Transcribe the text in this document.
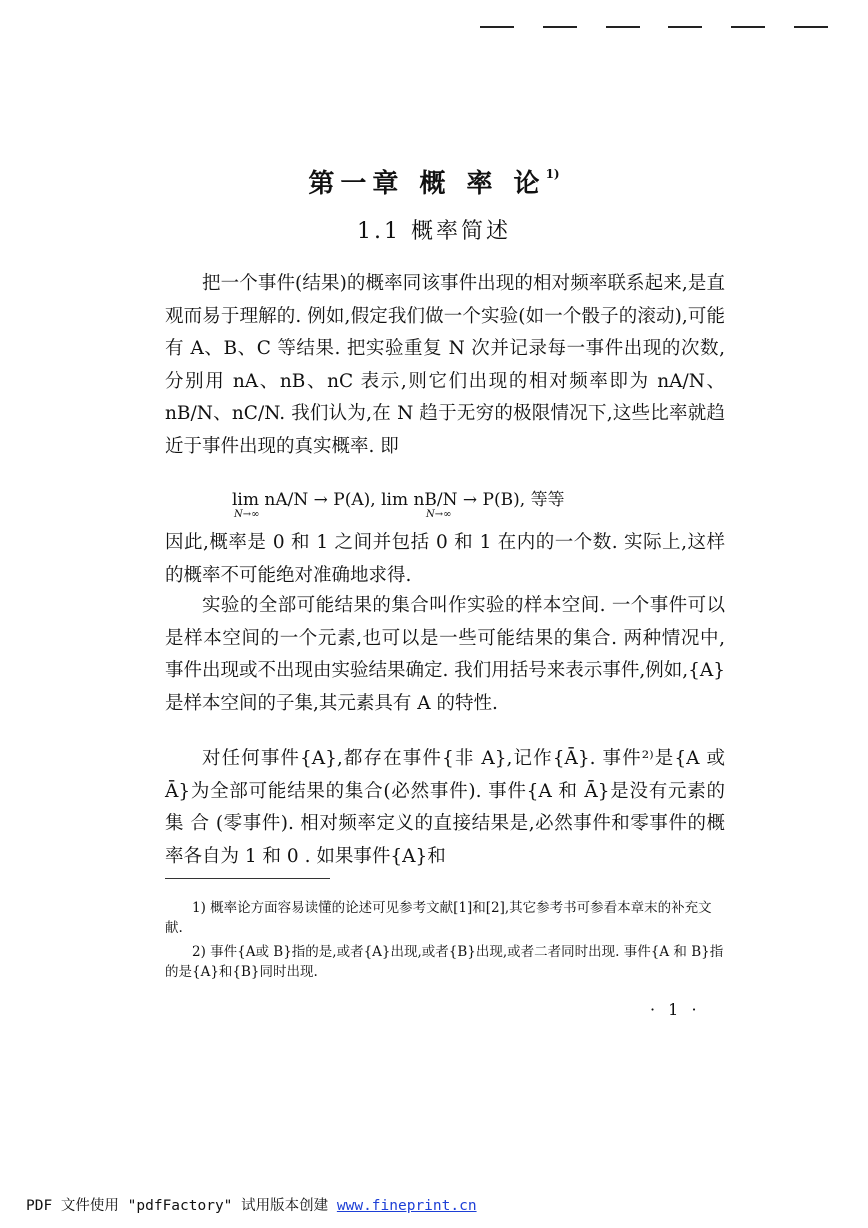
第一章 概 率 论$^{1)}$
1.1 概率简述

把一个事件(结果)的概率同该事件出现的相对频率联系起来,是直观而易于理解的. 例如,假定我们做一个实验(如一个骰子的滚动),可能有 A、B、C 等结果. 把实验重复 N 次并记录每一事件出现的次数,分别用 nA、nB、nC 表示,则它们出现的相对频率即为 nA/N、nB/N、nC/N. 我们认为,在 N 趋于无穷的极限情况下,这些比率就趋近于事件出现的真实概率. 即

lim nA/N → P(A), lim nB/N → P(B), 等等
N→∞	N→∞

因此,概率是 0 和 1 之间并包括 0 和 1 在内的一个数. 实际上,这样的概率不可能绝对准确地求得.

实验的全部可能结果的集合叫作实验的样本空间. 一个事件可以是样本空间的一个元素,也可以是一些可能结果的集合. 两种情况中,事件出现或不出现由实验结果确定. 我们用括号来表示事件,例如,{A}是样本空间的子集,其元素具有 A 的特性.

对任何事件{A},都存在事件{非 A},记作{Ā}. 事件²⁾是{A 或 Ā}为全部可能结果的集合(必然事件). 事件{A 和 Ā}是没有元素的 集 合 (零事件). 相对频率定义的直接结果是,必然事件和零事件的概率各自为 1 和 0 . 如果事件{A}和

1) 概率论方面容易读懂的论述可见参考文献[1]和[2],其它参考书可参看本章末的补充文献.

2) 事件{A或 B}指的是,或者{A}出现,或者{B}出现,或者二者同时出现. 事件{A 和 B}指的是{A}和{B}同时出现.

· 1 ·
PDF 文件使用 "pdfFactory" 试用版本创建 www.fineprint.cn
